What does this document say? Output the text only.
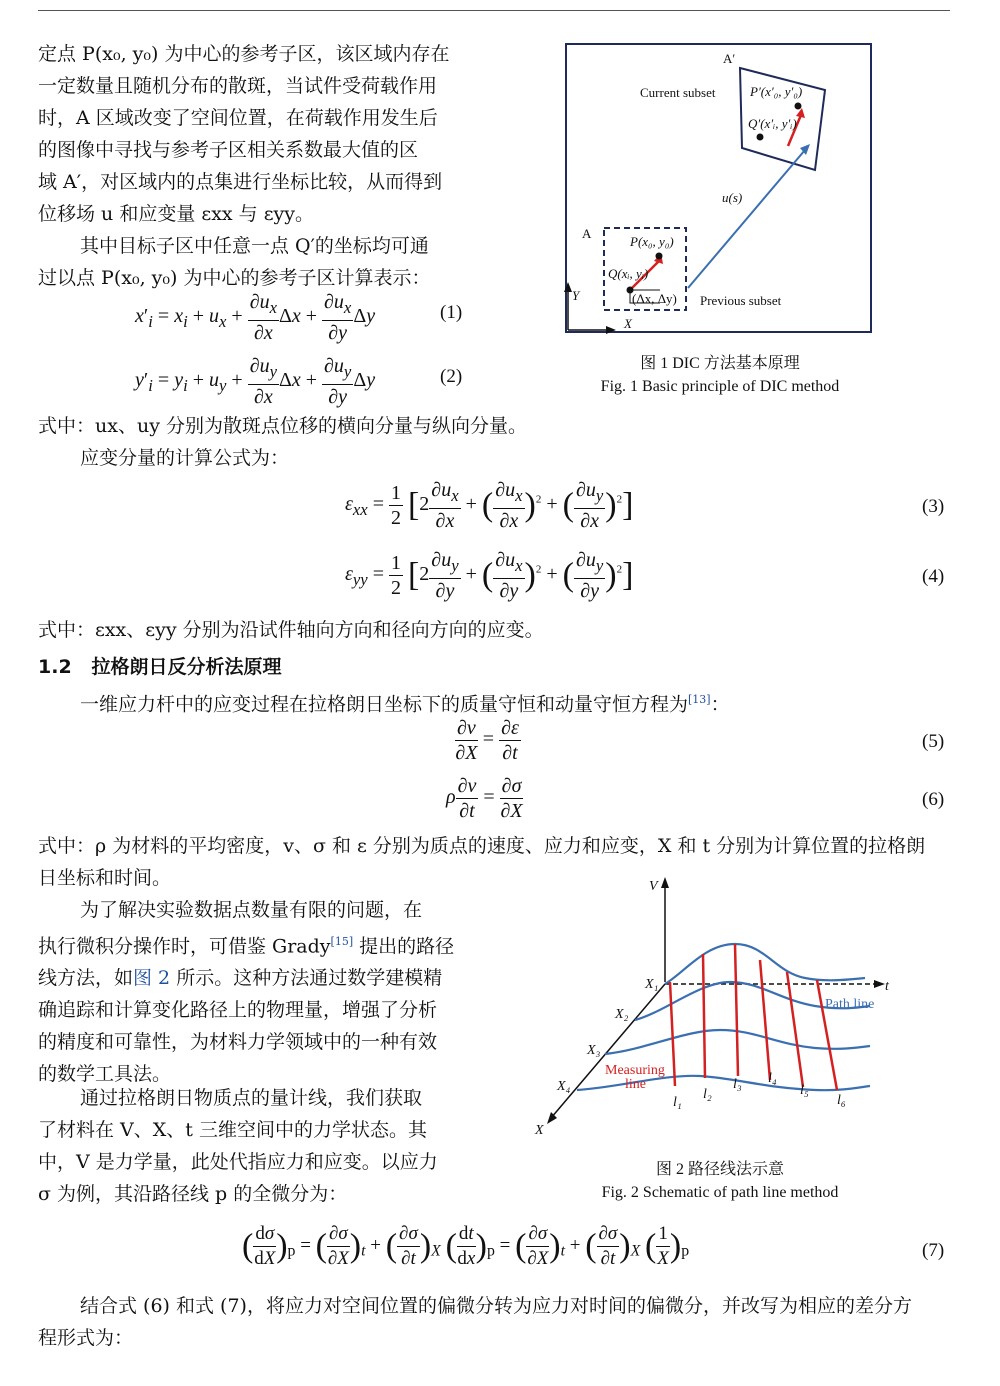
定点 P(x₀, y₀) 为中心的参考子区，该区域内存在
一定数量且随机分布的散斑，当试件受荷载作用
时，A 区域改变了空间位置，在荷载作用发生后
的图像中寻找与参考子区相关系数最大值的区
域 A′，对区域内的点集进行坐标比较，从而得到
位移场 u 和应变量 εxx 与 εyy。
其中目标子区中任意一点 Q′的坐标均可通
过以点 P(x₀, y₀) 为中心的参考子区计算表示：
$x'_i = x_i + u_x + \frac{\partial u_x}{\partial x}$ $\Delta x + \frac{\partial u_x}{\partial y}$ Δy	(1)
$y'_i = y_i + u_y + \frac{\partial u_y}{\partial x}$ $\Delta x + \frac{\partial u_y}{\partial y}$ Δy	(2)
A′
Current subset	P′(x′₀, y′₀)
Q′(x′ᵢ, y′ᵢ)
u(s)
A
P(x₀, y₀)
Q(xᵢ, yᵢ)
(Δx, Δy) Previous subset
Y
X
图 1 DIC 方法基本原理
Fig. 1 Basic principle of DIC method
式中：ux、uy 分别为散斑点位移的横向分量与纵向分量。
应变分量的计算公式为：
$\varepsilon_{xx} = \frac{1}{2} [2 \frac{\partial u_x}{\partial x}$ + ( $\frac{\partial u_x}{\partial x} )^2$ + ( $\frac{\partial u_y}{\partial x} )^2$]	(3)
$\varepsilon_{yy} = \frac{1}{2} [2 \frac{\partial u_y}{\partial y}$ + ( $\frac{\partial u_x}{\partial y} )^2$ + ( $\frac{\partial u_y}{\partial y} )^2$]	(4)
式中：εxx、εyy 分别为沿试件轴向方向和径向方向的应变。
1.2 拉格朗日反分析法原理
一维应力杆中的应变过程在拉格朗日坐标下的质量守恒和动量守恒方程为[13]：
$\frac{\partial v}{\partial X} = \frac{\partial\varepsilon}{\partial t}$	(5)
ρ $\frac{\partial v}{\partial t} = \frac{\partial\sigma}{\partial X}$	(6)
式中：ρ 为材料的平均密度，v、σ 和 ε 分别为质点的速度、应力和应变，X 和 t 分别为计算位置的拉格朗
日坐标和时间。
为了解决实验数据点数量有限的问题，在
执行微积分操作时，可借鉴 Grady[15] 提出的路径
线方法，如图 2 所示。这种方法通过数学建模精
确追踪和计算变化路径上的物理量，增强了分析
的精度和可靠性，为材料力学领域中的一种有效
的数学工具法。
通过拉格朗日物质点的量计线，我们获取
了材料在 V、X、t 三维空间中的力学状态。其
中，V 是力学量，此处代指应力和应变。以应力
σ 为例，其沿路径线 p 的全微分为：
V
t
X
X₁
X₂
X₃
X₄
l₁
l₂
l₃ l₄
l₅
l₆
Path line
Measuring
line
图 2 路径线法示意
Fig. 2 Schematic of path line method
( $\frac{d\sigma}{dX} )_p$ = ( $\frac{\partial\sigma}{\partial X} )_t$ + ( $\frac{\partial\sigma}{\partial t} )_X$ ( $\frac{dt}{dx} )_p$ = ( $\frac{\partial\sigma}{\partial X} )_t$ + ( $\frac{\partial\sigma}{\partial t} )_X$ ( $\frac{1}{X} )_p$	(7)
结合式 (6) 和式 (7)，将应力对空间位置的偏微分转为应力对时间的偏微分，并改写为相应的差分方
程形式为：
